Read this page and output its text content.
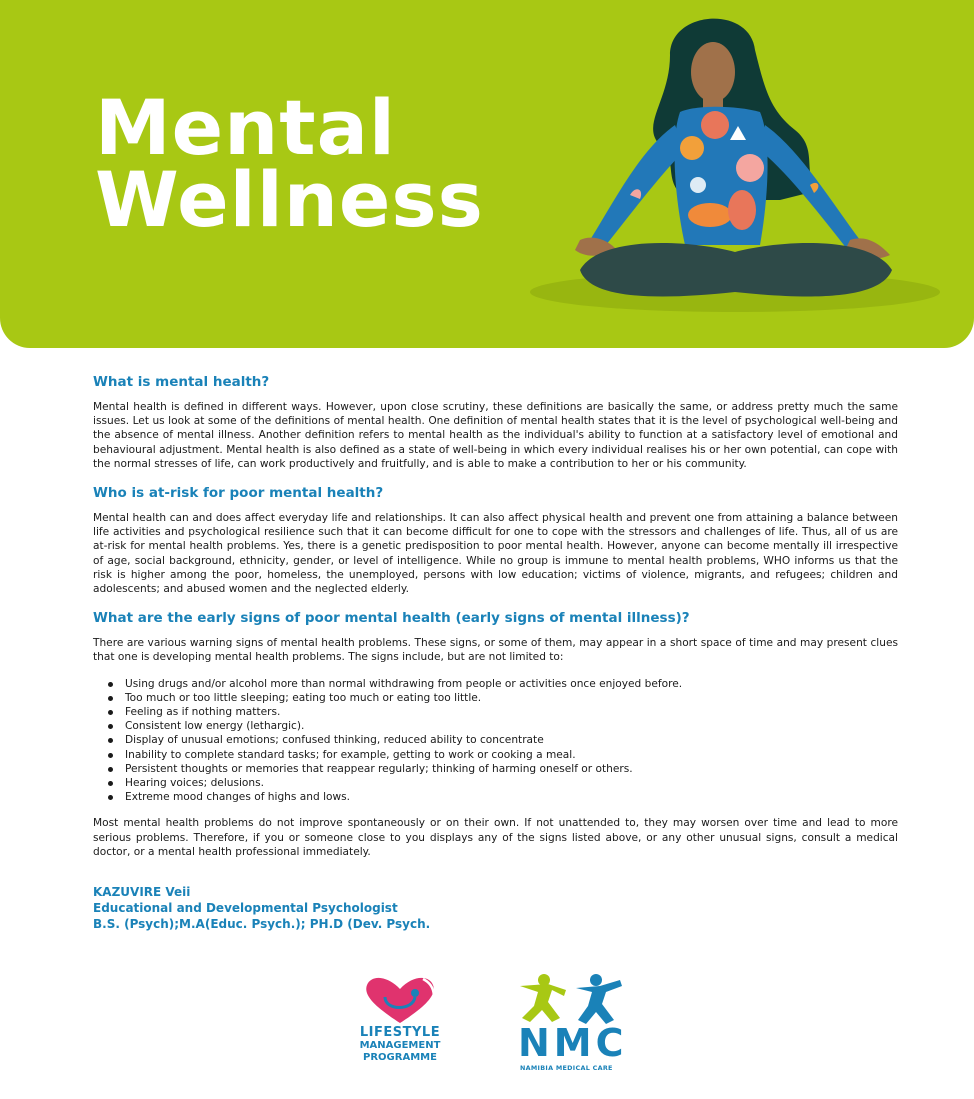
Mental
Wellness
What is mental health?

Mental health is defined in different ways. However, upon close scrutiny, these definitions are basically the same, or address pretty much the same issues. Let us look at some of the definitions of mental health. One definition of mental health states that it is the level of psychological well-being and the absence of mental illness. Another definition refers to mental health as the individual's ability to function at a satisfactory level of emotional and behavioural adjustment. Mental health is also defined as a state of well-being in which every individual realises his or her own potential, can cope with the normal stresses of life, can work productively and fruitfully, and is able to make a contribution to her or his community.

Who is at-risk for poor mental health?

Mental health can and does affect everyday life and relationships. It can also affect physical health and prevent one from attaining a balance between life activities and psychological resilience such that it can become difficult for one to cope with the stressors and challenges of life. Thus, all of us are at-risk for mental health problems. Yes, there is a genetic predisposition to poor mental health. However, anyone can become mentally ill irrespective of age, social background, ethnicity, gender, or level of intelligence. While no group is immune to mental health problems, WHO informs us that the risk is higher among the poor, homeless, the unemployed, persons with low education; victims of violence, migrants, and refugees; children and adolescents; and abused women and the neglected elderly.

What are the early signs of poor mental health (early signs of mental illness)?

There are various warning signs of mental health problems. These signs, or some of them, may appear in a short space of time and may present clues that one is developing mental health problems. The signs include, but are not limited to:

Using drugs and/or alcohol more than normal withdrawing from people or activities once enjoyed before.
Too much or too little sleeping; eating too much or eating too little.
Feeling as if nothing matters.
Consistent low energy (lethargic).
Display of unusual emotions; confused thinking, reduced ability to concentrate
Inability to complete standard tasks; for example, getting to work or cooking a meal.
Persistent thoughts or memories that reappear regularly; thinking of harming oneself or others.
Hearing voices; delusions.
Extreme mood changes of highs and lows.

Most mental health problems do not improve spontaneously or on their own. If not unattended to, they may worsen over time and lead to more serious problems. Therefore, if you or someone close to you displays any of the signs listed above, or any other unusual signs, consult a medical doctor, or a mental health professional immediately.

KAZUVIRE Veii
Educational and Developmental Psychologist
B.S. (Psych);M.A(Educ. Psych.); PH.D (Dev. Psych.
LIFESTYLE
MANAGEMENT
PROGRAMME	NMC
NAMIBIA MEDICAL CARE
